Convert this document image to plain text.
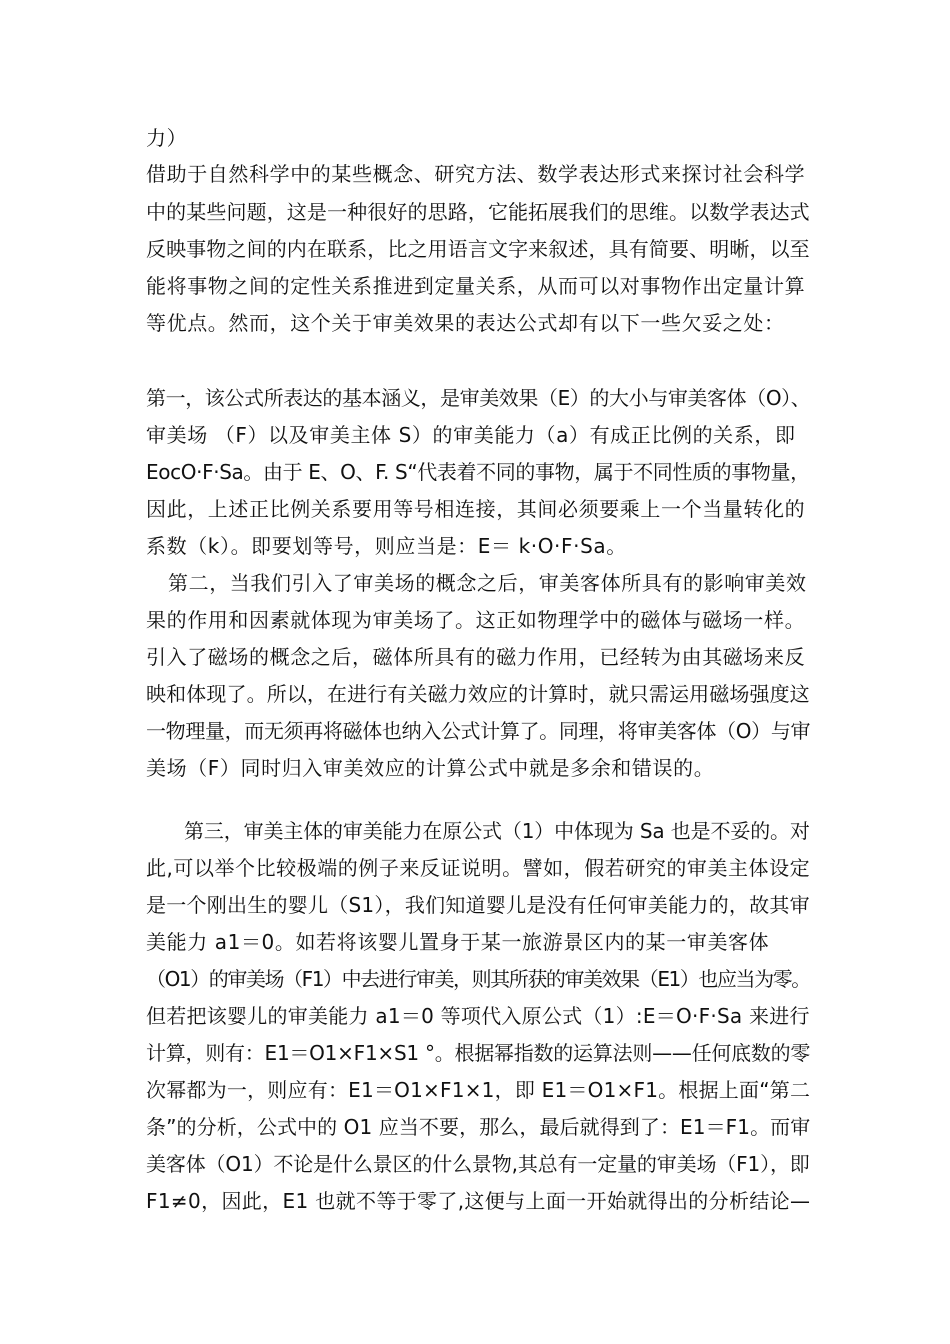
力）
借助于自然科学中的某些概念、研究方法、数学表达形式来探讨社会科学
中的某些问题，这是一种很好的思路，它能拓展我们的思维。以数学表达式
反映事物之间的内在联系，比之用语言文字来叙述，具有简要、明晰，以至
能将事物之间的定性关系推进到定量关系，从而可以对事物作出定量计算
等优点。然而，这个关于审美效果的表达公式却有以下一些欠妥之处：
第一，该公式所表达的基本涵义，是审美效果（E）的大小与审美客体（O）、
审美场 （F）以及审美主体 S）的审美能力（a）有成正比例的关系，即
EocO·F·Sa。由于 E、O、F. S“代表着不同的事物，属于不同性质的事物量，
因此，上述正比例关系要用等号相连接，其间必须要乘上一个当量转化的
系数（k）。即要划等号，则应当是：E＝ k·O·F·Sa。
第二，当我们引入了审美场的概念之后，审美客体所具有的影响审美效
果的作用和因素就体现为审美场了。这正如物理学中的磁体与磁场一样。
引入了磁场的概念之后，磁体所具有的磁力作用，已经转为由其磁场来反
映和体现了。所以，在进行有关磁力效应的计算时，就只需运用磁场强度这
一物理量，而无须再将磁体也纳入公式计算了。同理，将审美客体（O）与审
美场（F）同时归入审美效应的计算公式中就是多余和错误的。
第三，审美主体的审美能力在原公式（1）中体现为 Sa 也是不妥的。对
此,可以举个比较极端的例子来反证说明。譬如，假若研究的审美主体设定
是一个刚出生的婴儿（S1），我们知道婴儿是没有任何审美能力的，故其审
美能力 a1＝0。如若将该婴儿置身于某一旅游景区内的某一审美客体
（O1）的审美场（F1）中去进行审美，则其所获的审美效果（E1）也应当为零。
但若把该婴儿的审美能力 a1＝0 等项代入原公式（1）:E＝O·F·Sa 来进行
计算，则有：E1＝O1×F1×S1 °。根据幂指数的运算法则——任何底数的零
次幂都为一，则应有：E1＝O1×F1×1，即 E1＝O1×F1。根据上面“第二
条”的分析，公式中的 O1 应当不要，那么，最后就得到了：E1＝F1。而审
美客体（O1）不论是什么景区的什么景物,其总有一定量的审美场（F1），即
F1≠0，因此，E1 也就不等于零了,这便与上面一开始就得出的分析结论—
